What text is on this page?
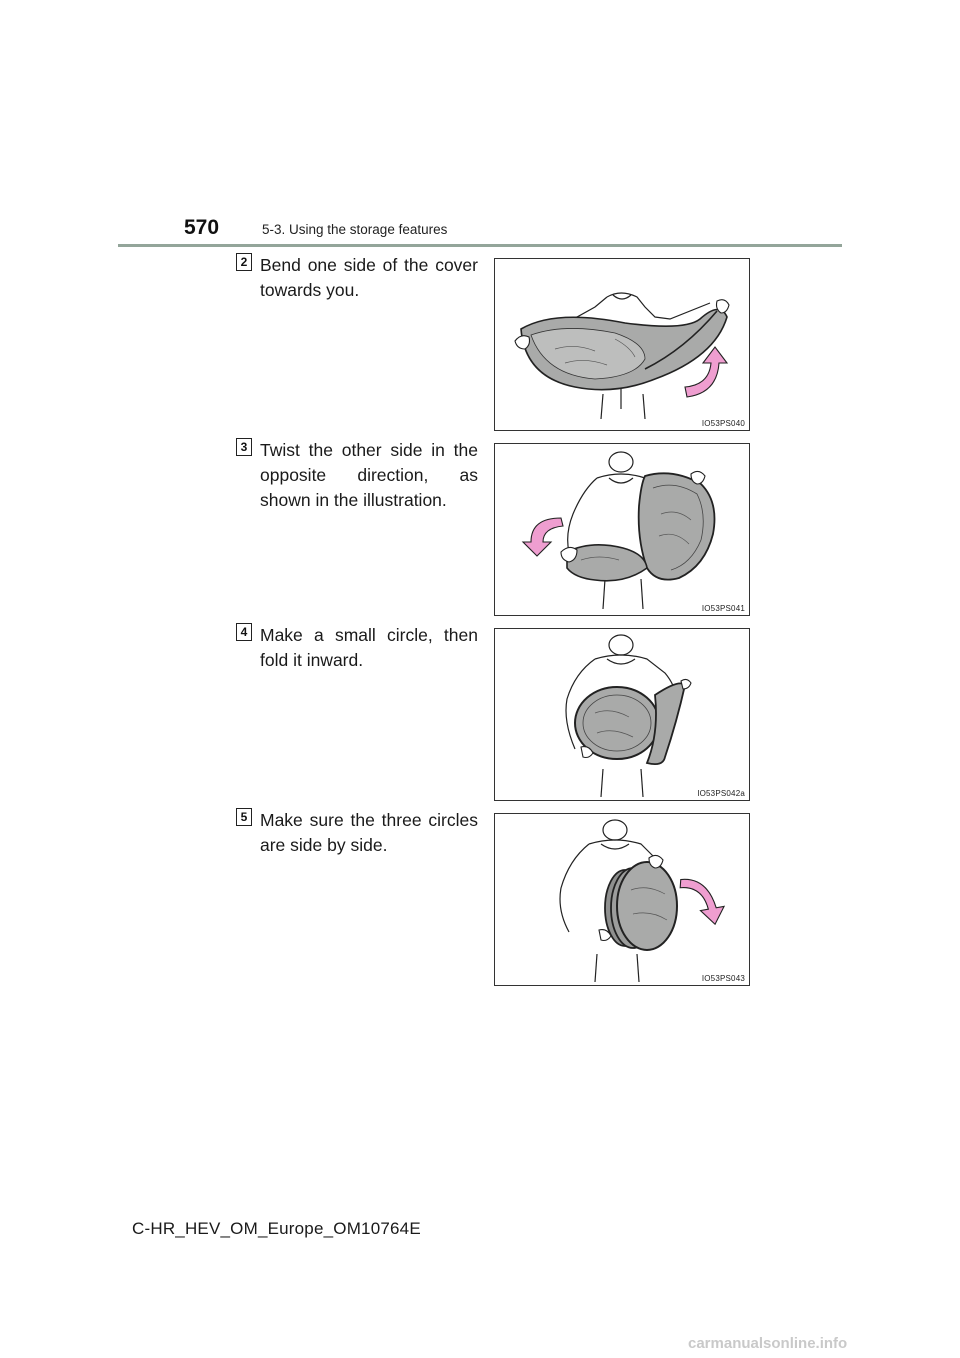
570	5-3. Using the storage features
2 Bend one side of the cover towards you.
IO53PS040
3 Twist the other side in the opposite direction, as shown in the illustration.
IO53PS041
4 Make a small circle, then fold it inward.
IO53PS042a
5 Make sure the three circles are side by side.
IO53PS043
C-HR_HEV_OM_Europe_OM10764E
carmanualsonline.info
